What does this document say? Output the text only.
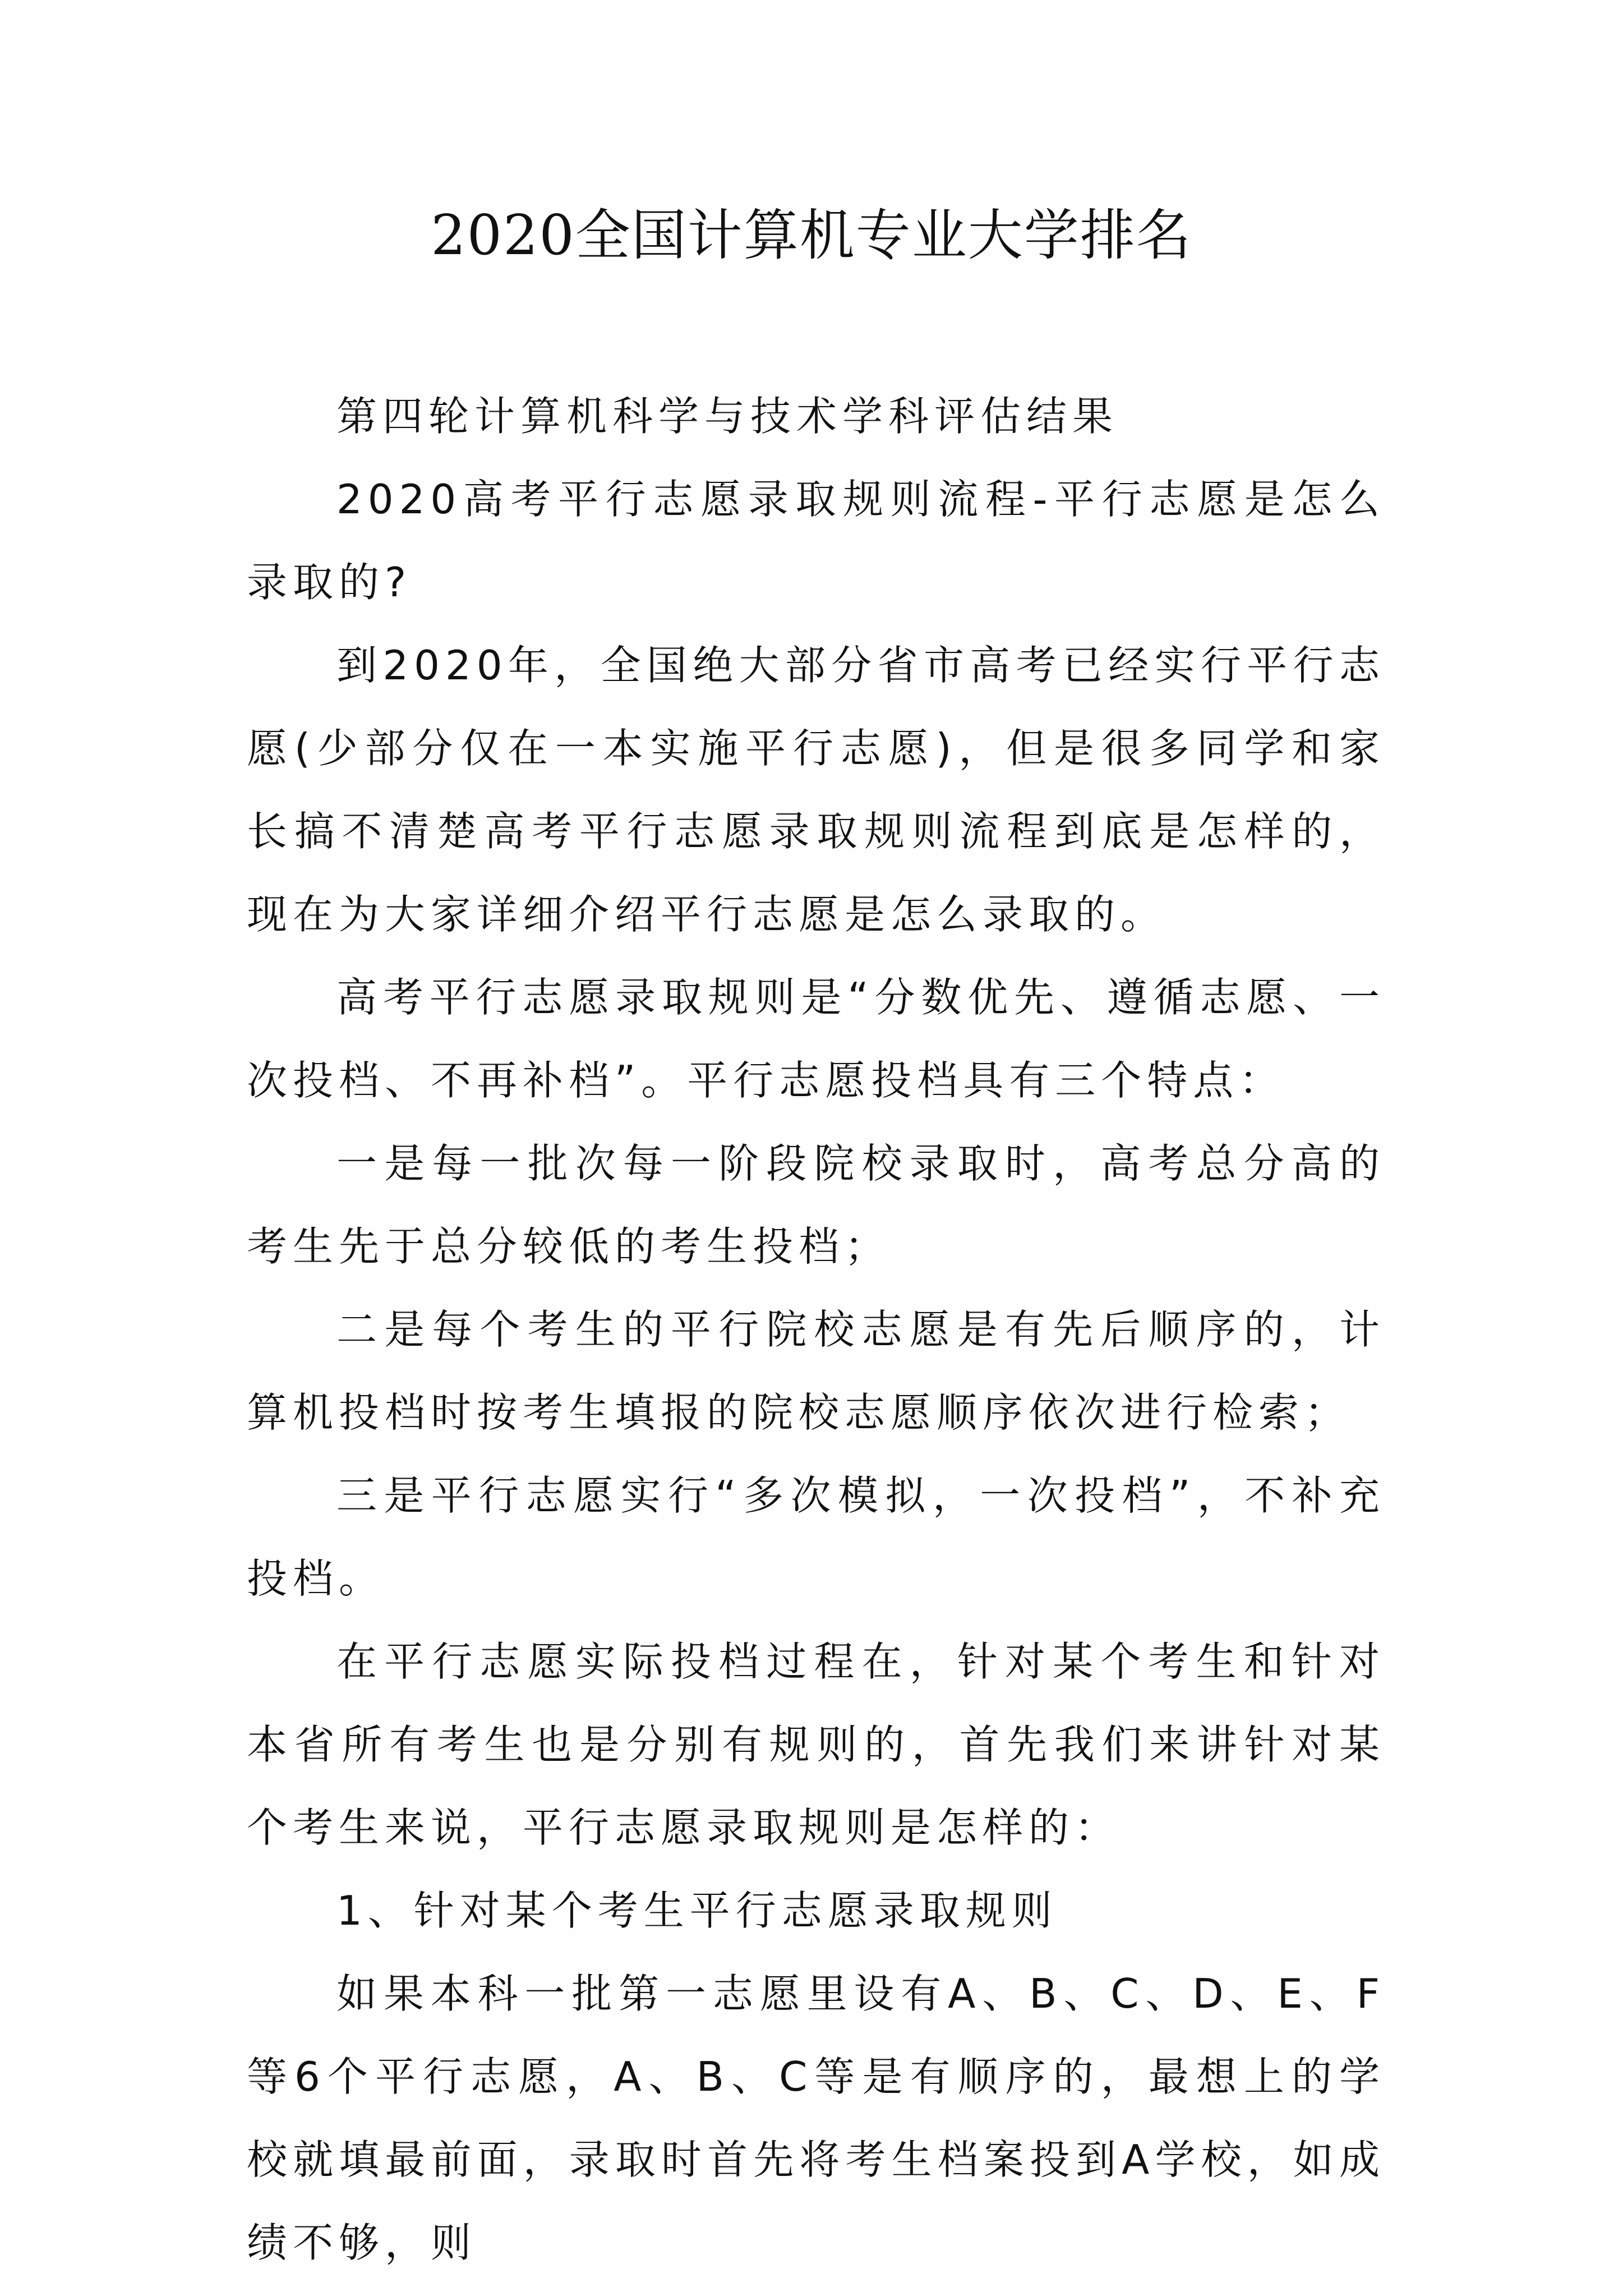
2020全国计算机专业大学排名

第四轮计算机科学与技术学科评估结果

2020高考平行志愿录取规则流程-平行志愿是怎么录取的?

到2020年，全国绝大部分省市高考已经实行平行志愿(少部分仅在一本实施平行志愿)，但是很多同学和家长搞不清楚高考平行志愿录取规则流程到底是怎样的，现在为大家详细介绍平行志愿是怎么录取的。

高考平行志愿录取规则是“分数优先、遵循志愿、一次投档、不再补档”。平行志愿投档具有三个特点：

一是每一批次每一阶段院校录取时，高考总分高的考生先于总分较低的考生投档；

二是每个考生的平行院校志愿是有先后顺序的，计算机投档时按考生填报的院校志愿顺序依次进行检索；

三是平行志愿实行“多次模拟，一次投档”，不补充投档。

在平行志愿实际投档过程在，针对某个考生和针对本省所有考生也是分别有规则的，首先我们来讲针对某个考生来说，平行志愿录取规则是怎样的：

1、针对某个考生平行志愿录取规则

如果本科一批第一志愿里设有A、B、C、D、E、F等6个平行志愿，A、B、C等是有顺序的，最想上的学校就填最前面，录取时首先将考生档案投到A学校，如成绩不够，则
